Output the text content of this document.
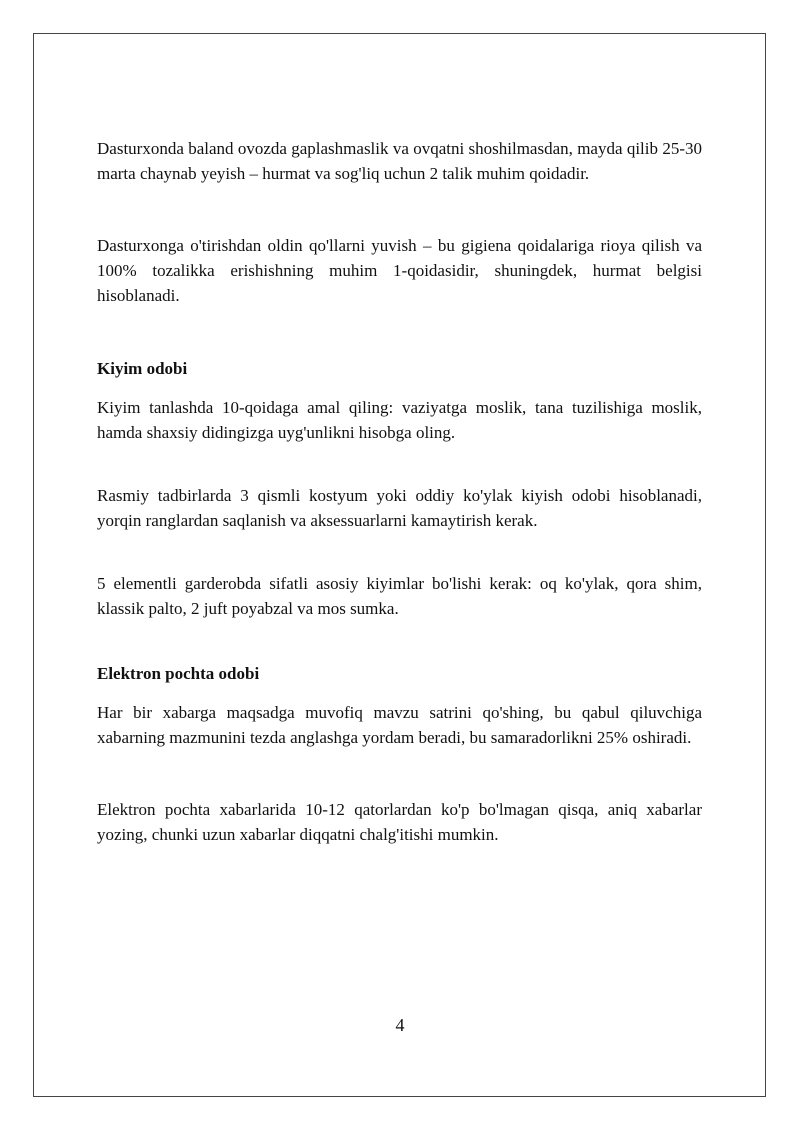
Dasturxonda baland ovozda gaplashmaslik va ovqatni shoshilmasdan, mayda qilib 25-30 marta chaynab yeyish – hurmat va sog'liq uchun 2 talik muhim qoidadir.

Dasturxonga o'tirishdan oldin qo'llarni yuvish – bu gigiena qoidalariga rioya qilish va 100% tozalikka erishishning muhim 1-qoidasidir, shuningdek, hurmat belgisi hisoblanadi.

Kiyim odobi

Kiyim tanlashda 10-qoidaga amal qiling: vaziyatga moslik, tana tuzilishiga moslik, hamda shaxsiy didingizga uyg'unlikni hisobga oling.

Rasmiy tadbirlarda 3 qismli kostyum yoki oddiy ko'ylak kiyish odobi hisoblanadi, yorqin ranglardan saqlanish va aksessuarlarni kamaytirish kerak.

5 elementli garderobda sifatli asosiy kiyimlar bo'lishi kerak: oq ko'ylak, qora shim, klassik palto, 2 juft poyabzal va mos sumka.

Elektron pochta odobi

Har bir xabarga maqsadga muvofiq mavzu satrini qo'shing, bu qabul qiluvchiga xabarning mazmunini tezda anglashga yordam beradi, bu samaradorlikni 25% oshiradi.

Elektron pochta xabarlarida 10-12 qatorlardan ko'p bo'lmagan qisqa, aniq xabarlar yozing, chunki uzun xabarlar diqqatni chalg'itishi mumkin.

4
